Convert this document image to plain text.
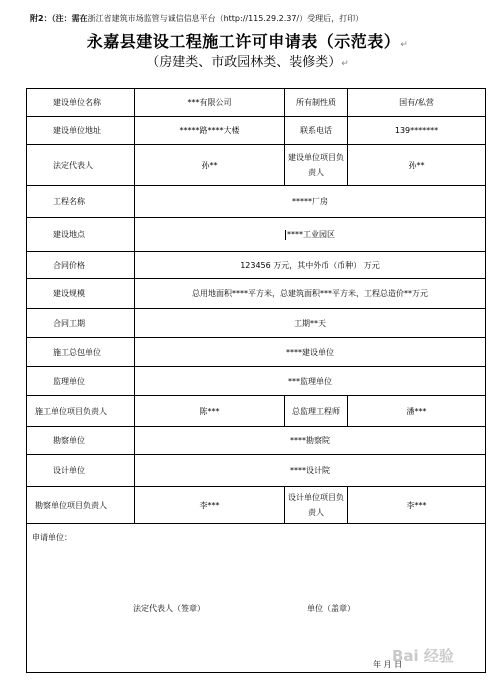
附2：（注：需在浙江省建筑市场监管与诚信信息平台（http://115.29.2.37/）受理后，打印）
永嘉县建设工程施工许可申请表（示范表）↵
（房建类、市政园林类、装修类）↵
建设单位名称	***有限公司	所有制性质	国有/私营
建设单位地址	*****路****大楼	联系电话	139*******
法定代表人	孙**	建设单位项目负责人	孙**
工程名称	*****厂房		
建设地点	****工业园区		
合同价格	123456 万元，其中外币（币种） 万元		
建设规模	总用地面积****平方米，总建筑面积***平方米，工程总造价**万元		
合同工期	工期**天		
施工总包单位	****建设单位		
监理单位	***监理单位		
施工单位项目负责人	陈***	总监理工程师	潘***
勘察单位	****勘察院		
设计单位	****设计院		
勘察单位项目负责人	李***	设计单位项目负责人	李***

申请单位：
法定代表人（签章） 单位（盖章）
年 月 日			
Bai 经验
